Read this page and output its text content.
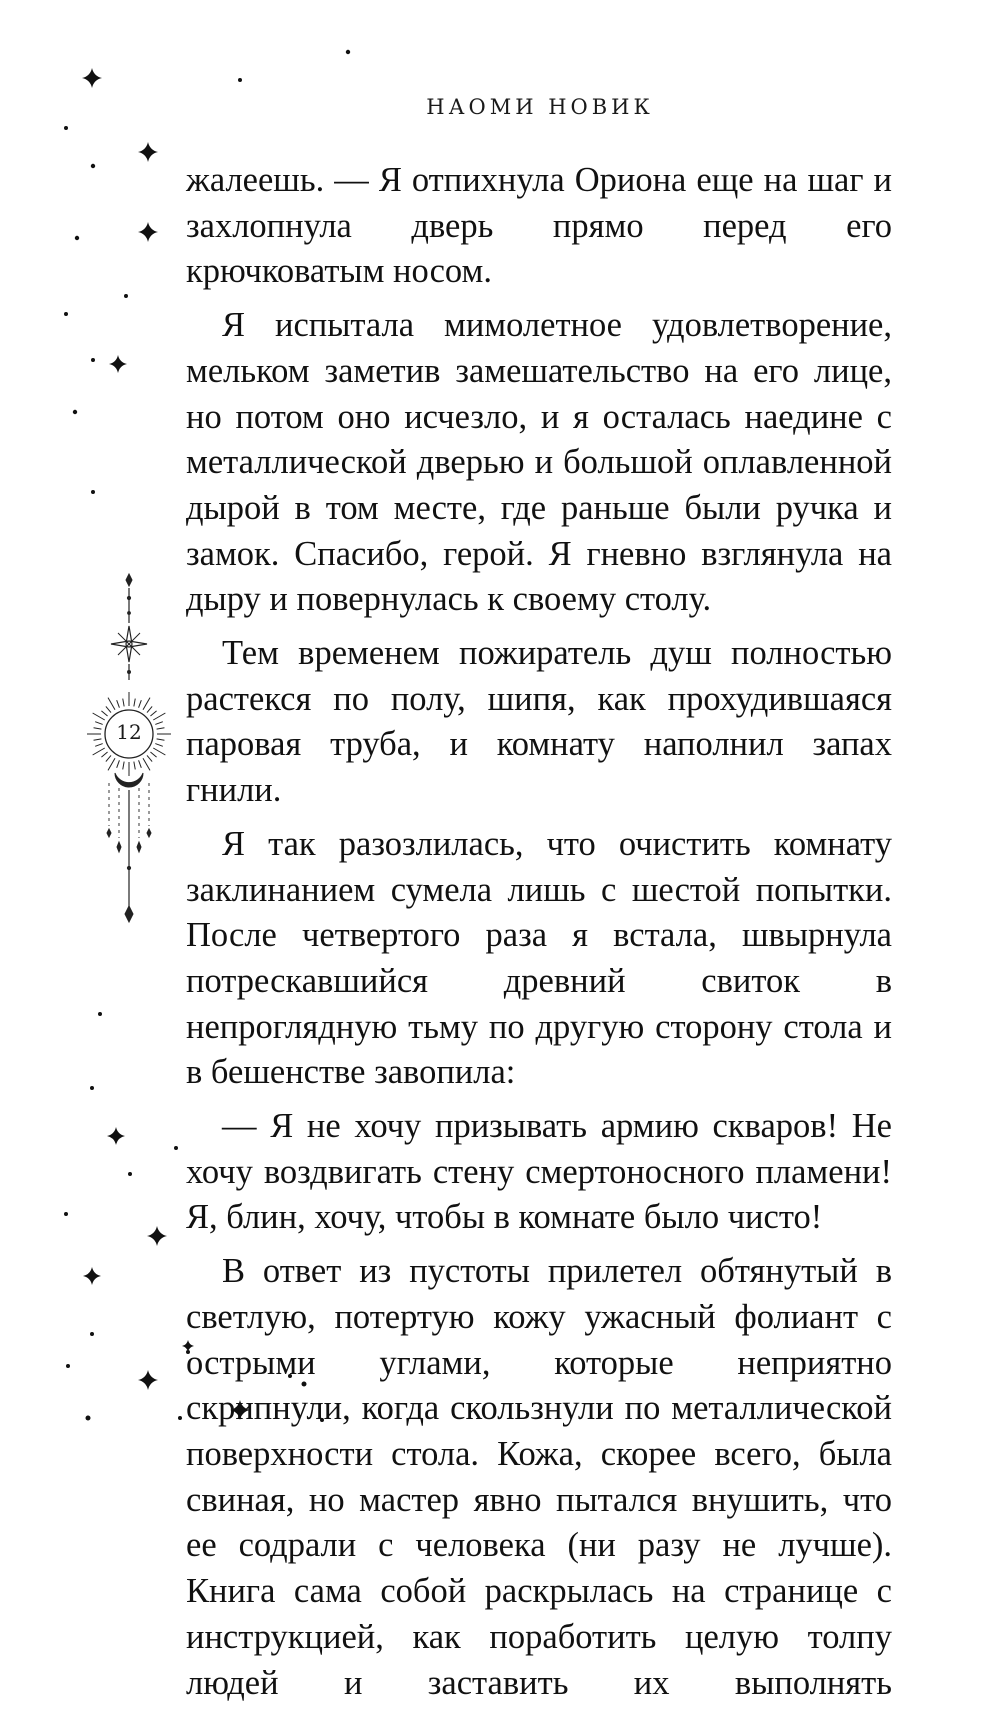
НАОМИ НОВИК
12

жалеешь. — Я отпихнула Ориона еще на шаг и захлопнула дверь прямо перед его крючковатым носом.

Я испытала мимолетное удовлетворение, мельком заметив замешательство на его лице, но потом оно исчезло, и я осталась наедине с металлической дверью и большой оплавленной дырой в том месте, где раньше были ручка и замок. Спасибо, герой. Я гневно взглянула на дыру и повернулась к своему столу.

Тем временем пожиратель душ полностью растекся по полу, шипя, как прохудившаяся паровая труба, и комнату наполнил запах гнили.

Я так разозлилась, что очистить комнату заклинанием сумела лишь с шестой попытки. После четвертого раза я встала, швырнула потрескавшийся древний свиток в непроглядную тьму по другую сторону стола и в бешенстве завопила:

— Я не хочу призывать армию скваров! Не хочу воздвигать стену смертоносного пламени! Я, блин, хочу, чтобы в комнате было чисто!

В ответ из пустоты прилетел обтянутый в светлую, потертую кожу ужасный фолиант с острыми углами, которые неприятно скрипнули, когда скользнули по металлической поверхности стола. Кожа, скорее всего, была свиная, но мастер явно пытался внушить, что ее содрали с человека (ни разу не лучше). Книга сама собой раскрылась на странице с инструкцией, как поработить целую толпу людей и заставить их выполнять
